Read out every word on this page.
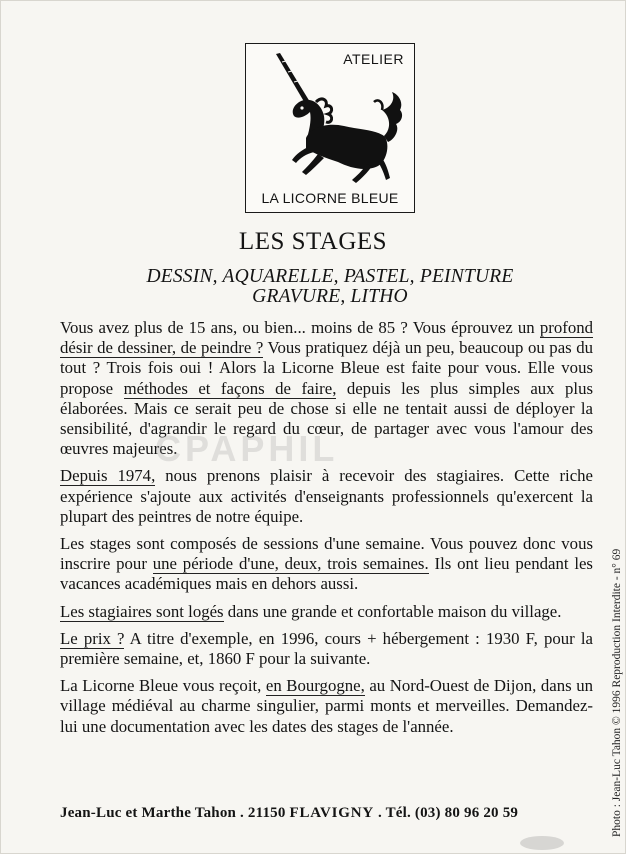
ATELIER
LA LICORNE BLEUE
LES STAGES
DESSIN, AQUARELLE, PASTEL, PEINTURE
GRAVURE, LITHO

Vous avez plus de 15 ans, ou bien... moins de 85 ? Vous éprouvez un profond désir de dessiner, de peindre ? Vous pratiquez déjà un peu, beaucoup ou pas du tout ? Trois fois oui ! Alors la Licorne Bleue est faite pour vous. Elle vous propose méthodes et façons de faire, depuis les plus simples aux plus élaborées. Mais ce serait peu de chose si elle ne tentait aussi de déployer la sensibilité, d'agrandir le regard du cœur, de partager avec vous l'amour des œuvres majeures.

Depuis 1974, nous prenons plaisir à recevoir des stagiaires. Cette riche expérience s'ajoute aux activités d'enseignants professionnels qu'exercent la plupart des peintres de notre équipe.

Les stages sont composés de sessions d'une semaine. Vous pouvez donc vous inscrire pour une période d'une, deux, trois semaines. Ils ont lieu pendant les vacances académiques mais en dehors aussi.

Les stagiaires sont logés dans une grande et confortable maison du village.

Le prix ? A titre d'exemple, en 1996, cours + hébergement : 1930 F, pour la première semaine, et, 1860 F pour la suivante.

La Licorne Bleue vous reçoit, en Bourgogne, au Nord-Ouest de Dijon, dans un village médiéval au charme singulier, parmi monts et merveilles. Demandez-lui une documentation avec les dates des stages de l'année.

CPAPHIL
Jean-Luc et Marthe Tahon . 21150 FLAVIGNY . Tél. (03) 80 96 20 59	Photo : Jean-Luc Tahon © 1996 Reproduction Interdite - n° 69
